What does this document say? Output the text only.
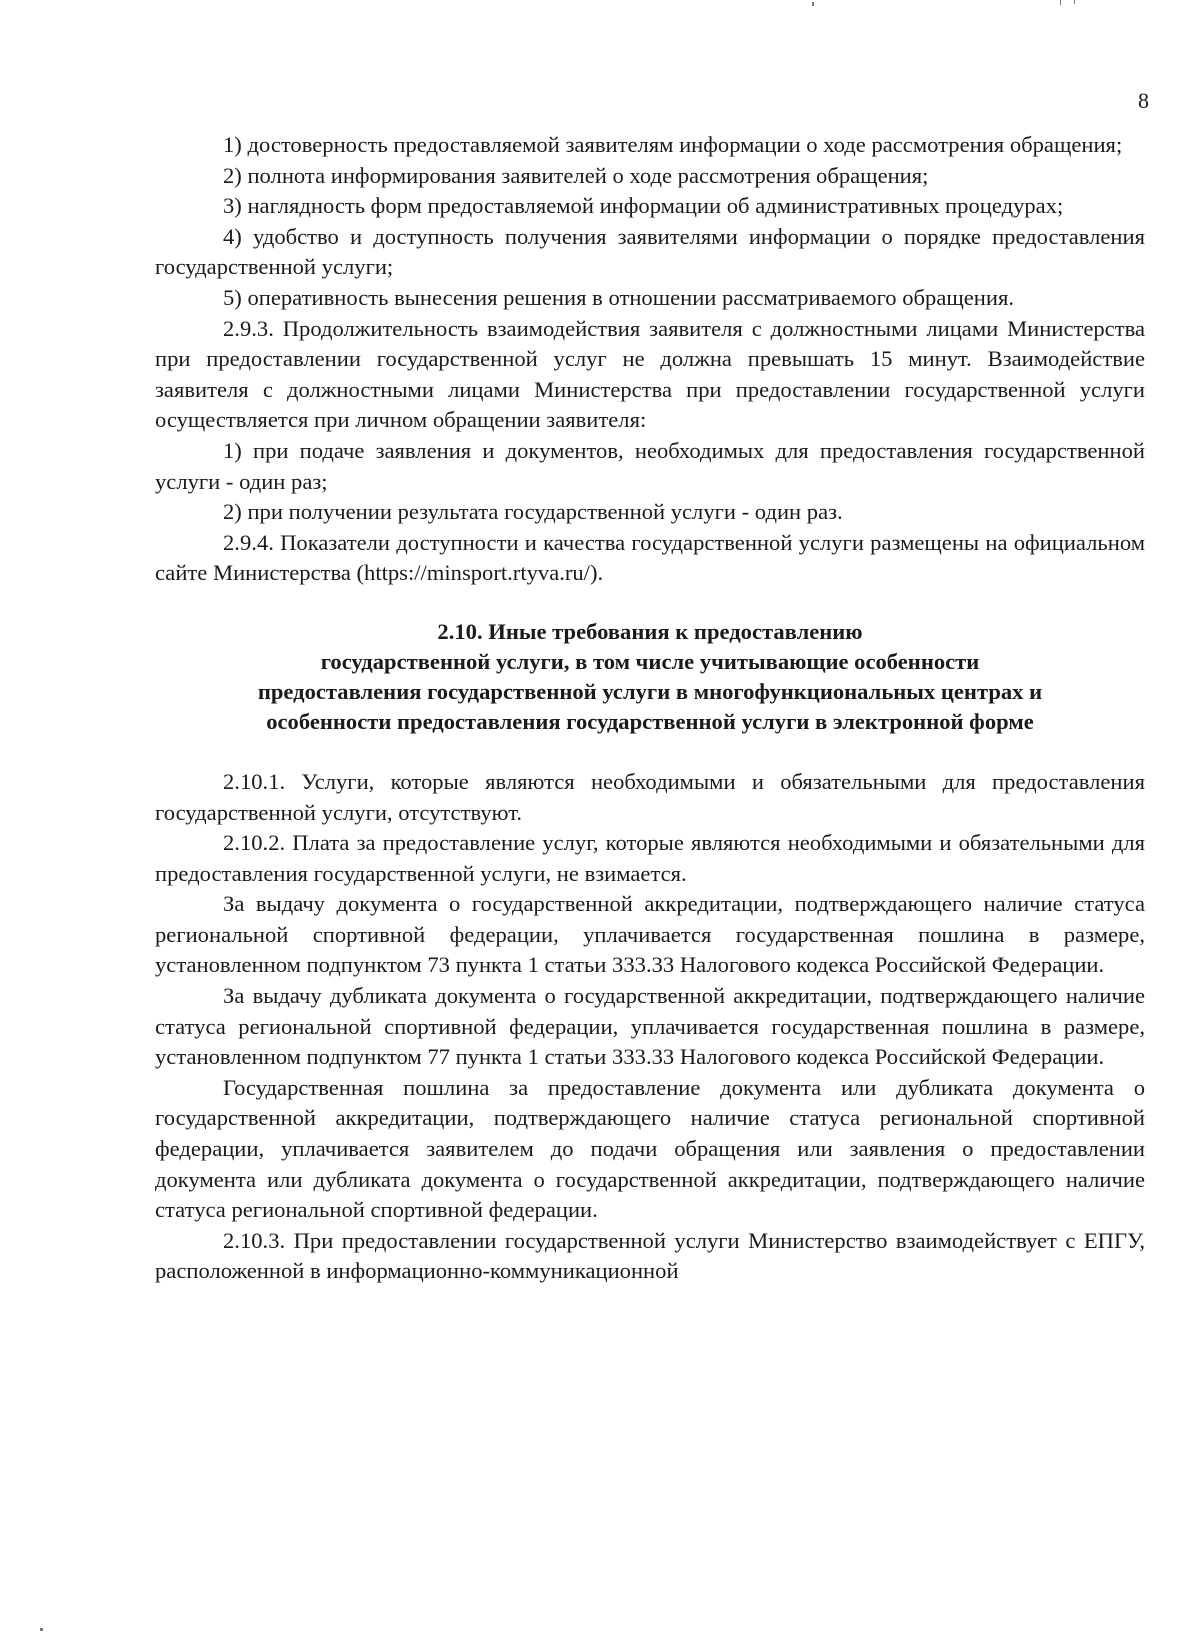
8

1) достоверность предоставляемой заявителям информации о ходе рассмотрения обращения;

2) полнота информирования заявителей о ходе рассмотрения обращения;

3) наглядность форм предоставляемой информации об административных процедурах;

4) удобство и доступность получения заявителями информации о порядке предоставления государственной услуги;

5) оперативность вынесения решения в отношении рассматриваемого обращения.

2.9.3. Продолжительность взаимодействия заявителя с должностными лицами Министерства при предоставлении государственной услуг не должна превышать 15 минут. Взаимодействие заявителя с должностными лицами Министерства при предоставлении государственной услуги осуществляется при личном обращении заявителя:

1) при подаче заявления и документов, необходимых для предоставления государственной услуги - один раз;

2) при получении результата государственной услуги - один раз.

2.9.4. Показатели доступности и качества государственной услуги размещены на официальном сайте Министерства (https://minsport.rtyva.ru/).

2.10. Иные требования к предоставлению
государственной услуги, в том числе учитывающие особенности
предоставления государственной услуги в многофункциональных центрах и
особенности предоставления государственной услуги в электронной форме

2.10.1. Услуги, которые являются необходимыми и обязательными для предоставления государственной услуги, отсутствуют.

2.10.2. Плата за предоставление услуг, которые являются необходимыми и обязательными для предоставления государственной услуги, не взимается.

За выдачу документа о государственной аккредитации, подтверждающего наличие статуса региональной спортивной федерации, уплачивается государственная пошлина в размере, установленном подпунктом 73 пункта 1 статьи 333.33 Налогового кодекса Российской Федерации.

За выдачу дубликата документа о государственной аккредитации, подтверждающего наличие статуса региональной спортивной федерации, уплачивается государственная пошлина в размере, установленном подпунктом 77 пункта 1 статьи 333.33 Налогового кодекса Российской Федерации.

Государственная пошлина за предоставление документа или дубликата документа о государственной аккредитации, подтверждающего наличие статуса региональной спортивной федерации, уплачивается заявителем до подачи обращения или заявления о предоставлении документа или дубликата документа о государственной аккредитации, подтверждающего наличие статуса региональной спортивной федерации.

2.10.3. При предоставлении государственной услуги Министерство взаимодействует с ЕПГУ, расположенной в информационно-коммуникационной
